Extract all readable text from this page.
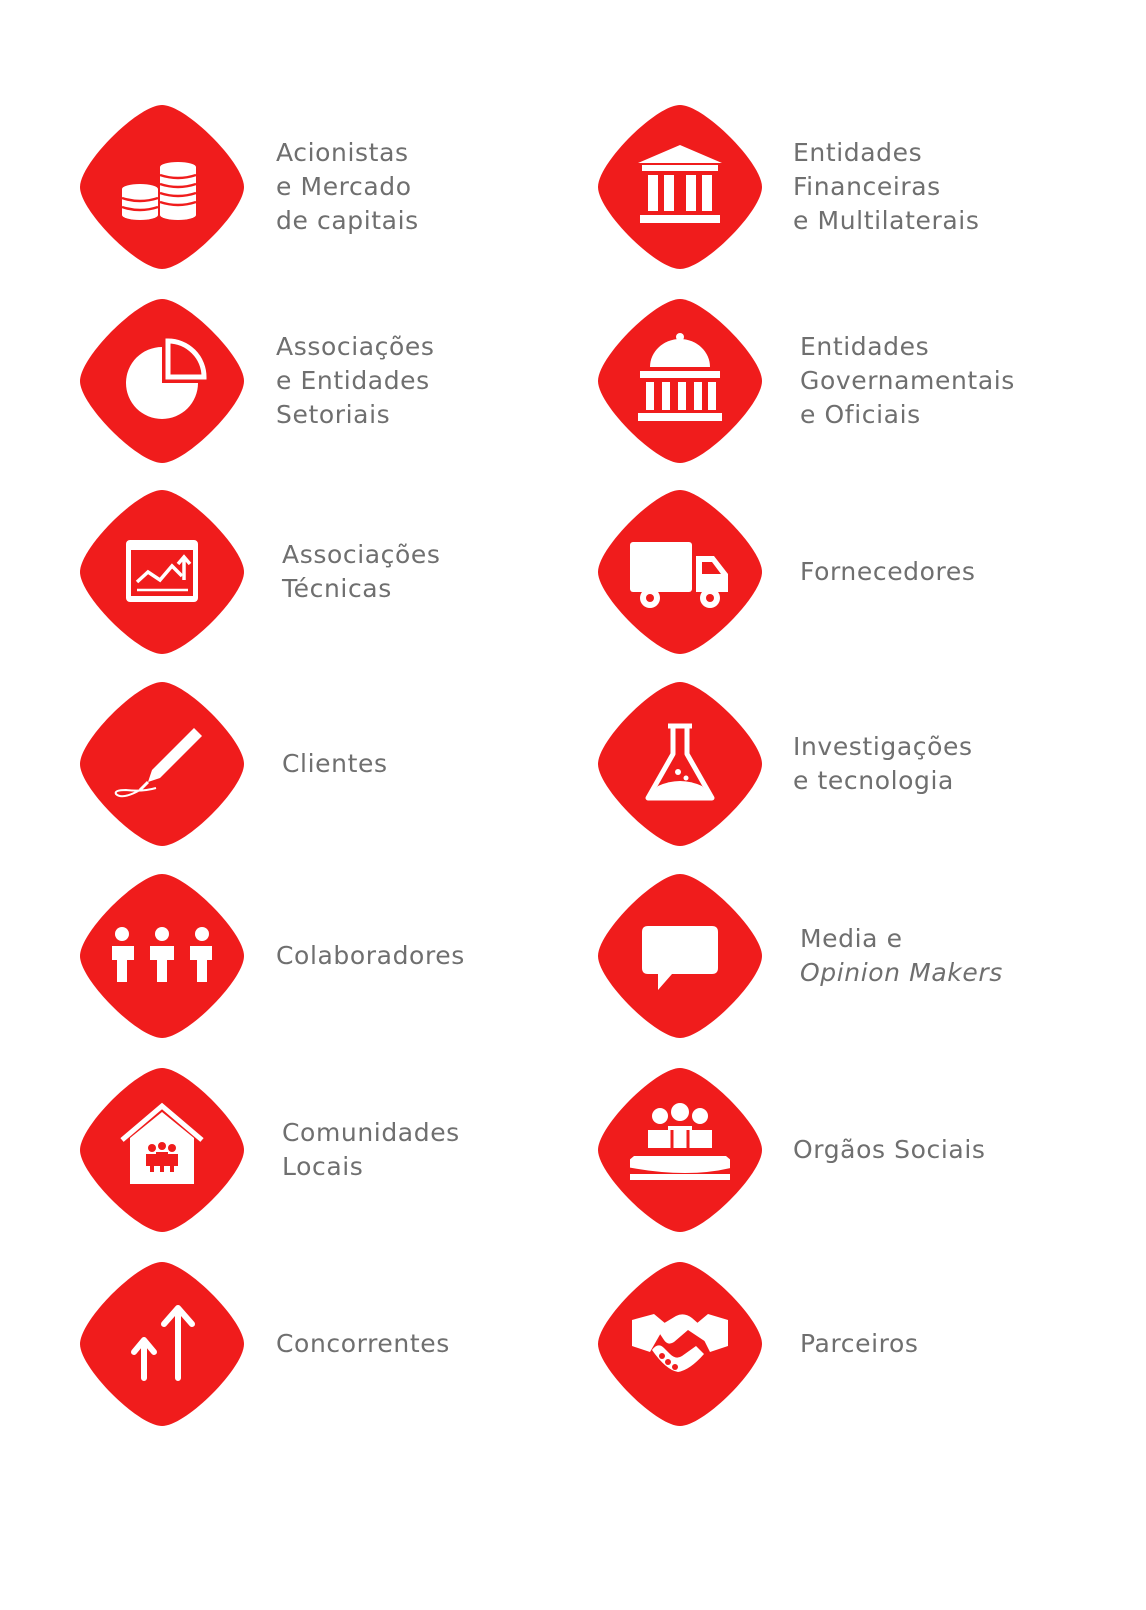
Acionistas
e Mercado
de capitais
Associações
e Entidades
Setoriais
Associações
Técnicas
Clientes
Colaboradores
Comunidades
Locais
Concorrentes
Entidades
Financeiras
e Multilaterais
Entidades
Governamentais
e Oficiais
Fornecedores
Investigações
e tecnologia
Media e
Opinion Makers
Orgãos Sociais
Parceiros
